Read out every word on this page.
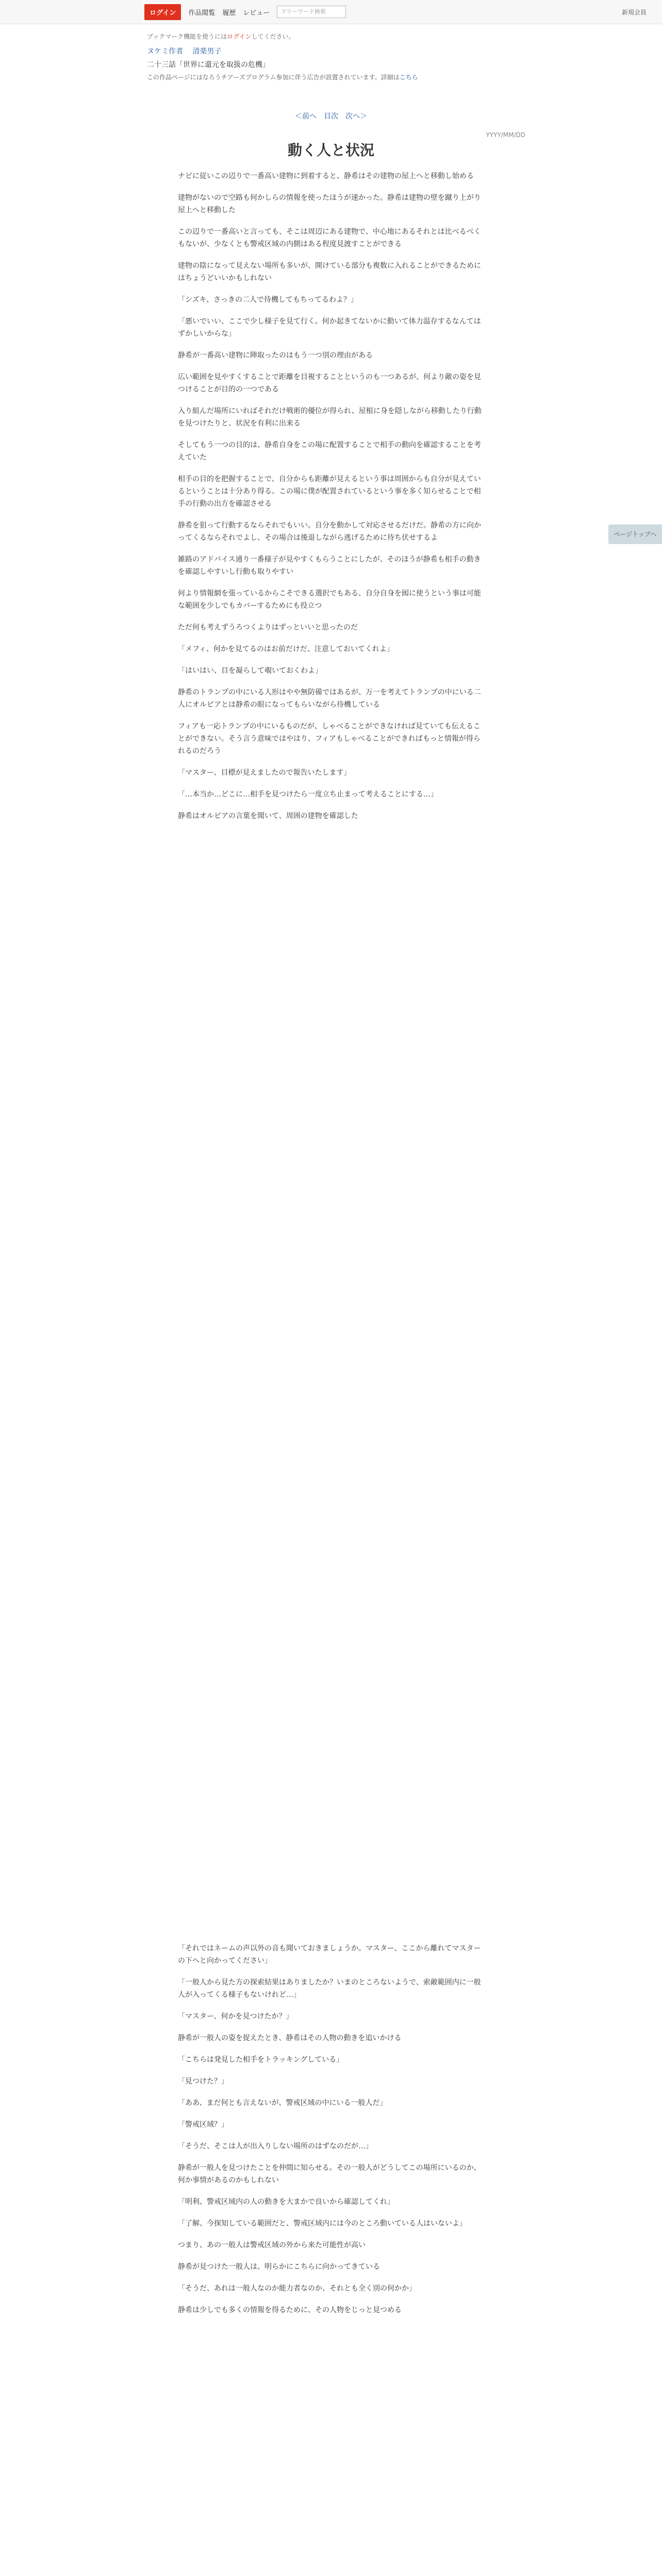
ログイン	作品閲覧 履歴 レビュー	フリーワード検索	新規会員
ブックマーク機能を使うにはログインしてください。
ヌケミ作者 清楽男子
二十三話「世界に還元を取扱の危機」
この作品ページにはなろうチアーズプログラム参加に伴う広告が設置されています。詳細はこちら
＜前へ　目次　次へ＞
YYYY/MM/DD
動く人と状況

ナビに従いこの辺りで一番高い建物に到着すると、静希はその建物の屋上へと移動し始める

建物がないので空路も何かしらの情報を使ったほうが速かった。静希は建物の壁を蹴り上がり屋上へと移動した

この辺りで一番高いと言っても、そこは周辺にある建物で、中心地にあるそれとは比べるべくもないが、少なくとも警戒区域の内側はある程度見渡すことができる

建物の陰になって見えない場所も多いが、開けている部分も複数に入れることができるためにはちょうどいいかもしれない

「シズキ、さっきの二人で待機してもちってるわよ？」

「悪いでいい、ここで少し様子を見て行く。何か起きてないかに動いて体力温存するなんてはずかしいからな」

静希が一番高い建物に陣取ったのはもう一つ別の理由がある

広い範囲を見やすくすることで距離を目視することというのも一つあるが、何より敵の姿を見つけることが目的の一つである

入り組んだ場所にいればそれだけ戦術的優位が得られ、屋根に身を隠しながら移動したり行動を見つけたりと、状況を有利に出来る

そしてもう一つの目的は、静希自身をこの場に配置することで相手の動向を確認することを考えていた

相手の目的を把握することで、自分からも距離が見えるという事は周囲からも自分が見えているということは十分あり得る。この場に僕が配置されているという事を多く知らせることで相手の行動の出方を確認させる

静希を狙って行動するならそれでもいい。自分を動かして対応させるだけだ。静希の方に向かってくるならそれでよし、その場合は後退しながら逃げるために待ち伏せするよ

雑路のアドバイス通り一番様子が見やすくもらうことにしたが、そのほうが静希も相手の動きを確認しやすいし行動も取りやすい

何より情報網を張っているからこそできる選択でもある、自分自身を囮に使うという事は可能な範囲を少しでもカバーするためにも役立つ

ただ何も考えずうろつくよりはずっといいと思ったのだ

「メフィ、何かを見てるのはお前だけだ、注意しておいてくれよ」

「はいはい、目を凝らして覗いておくわよ」

静希のトランプの中にいる人形はやや無防備ではあるが、万一を考えてトランプの中にいる二人にオルビアとは静希の眼になってもらいながら待機している

フィアも一応トランプの中にいるものだが、しゃべることができなければ見ていても伝えることができない。そう言う意味ではやはり、フィアもしゃべることができればもっと情報が得られるのだろう

「マスター、目標が見えましたので報告いたします」

「…本当か…どこに…相手を見つけたら一度立ち止まって考えることにする…」

静希はオルビアの言葉を聞いて、周囲の建物を確認した

「それではネームの声以外の音も聞いておきましょうか。マスター、ここから離れてマスターの下へと向かってください」

「一般人から見た方の探索結果はありましたか？いまのところないようで、索敵範囲内に一般人が入ってくる様子もないけれど…」

「マスター、何かを見つけたか？」

静希が一般人の姿を捉えたとき、静希はその人物の動きを追いかける

「こちらは発見した相手をトラッキングしている」

「見つけた？」

「ああ、まだ何とも言えないが、警戒区域の中にいる一般人だ」

「警戒区域？」

「そうだ、そこは人が出入りしない場所のはずなのだが…」

静希が一般人を見つけたことを仲間に知らせる。その一般人がどうしてこの場所にいるのか、何か事情があるのかもしれない

「明利、警戒区域内の人の動きを大まかで良いから確認してくれ」

「了解、今探知している範囲だと、警戒区域内には今のところ動いている人はいないよ」

つまり、あの一般人は警戒区域の外から来た可能性が高い

静希が見つけた一般人は、明らかにこちらに向かってきている

「そうだ、あれは一般人なのか能力者なのか、それとも全く別の何かか」

静希は少しでも多くの情報を得るために、その人物をじっと見つめる

ページトップへ
